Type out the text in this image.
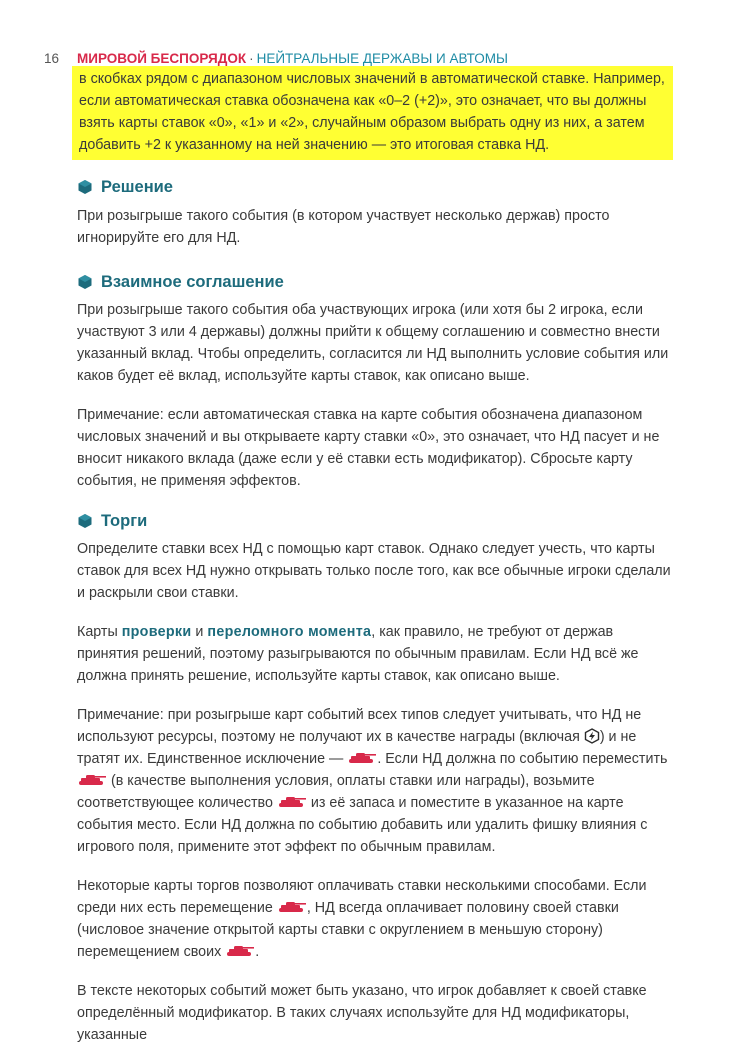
16 МИРОВОЙ БЕСПОРЯДОК · НЕЙТРАЛЬНЫЕ ДЕРЖАВЫ И АВТОМЫ

в скобках рядом с диапазоном числовых значений в автоматической ставке. Например, если автоматическая ставка обозначена как «0–2 (+2)», это означает, что вы должны взять карты ставок «0», «1» и «2», случайным образом выбрать одну из них, а затем добавить +2 к указанному на ней значению — это итоговая ставка НД.

Решение

При розыгрыше такого события (в котором участвует несколько держав) просто игнорируйте его для НД.

Взаимное соглашение

При розыгрыше такого события оба участвующих игрока (или хотя бы 2 игрока, если участвуют 3 или 4 державы) должны прийти к общему соглашению и совместно внести указанный вклад. Чтобы определить, согласится ли НД выполнить условие события или каков будет её вклад, используйте карты ставок, как описано выше.

Примечание: если автоматическая ставка на карте события обозначена диапазоном числовых значений и вы открываете карту ставки «0», это означает, что НД пасует и не вносит никакого вклада (даже если у её ставки есть модификатор). Сбросьте карту события, не применяя эффектов.

Торги

Определите ставки всех НД с помощью карт ставок. Однако следует учесть, что карты ставок для всех НД нужно открывать только после того, как все обычные игроки сделали и раскрыли свои ставки.

Карты проверки и переломного момента, как правило, не требуют от держав принятия решений, поэтому разыгрываются по обычным правилам. Если НД всё же должна принять решение, используйте карты ставок, как описано выше.

Примечание: при розыгрыше карт событий всех типов следует учитывать, что НД не используют ресурсы, поэтому не получают их в качестве награды (включая ) и не тратят их. Единственное исключение — . Если НД должна по событию переместить  (в качестве выполнения условия, оплаты ставки или награды), возьмите соответствующее количество  из её запаса и поместите в указанное на карте события место. Если НД должна по событию добавить или удалить фишку влияния с игрового поля, примените этот эффект по обычным правилам.

Некоторые карты торгов позволяют оплачивать ставки несколькими способами. Если среди них есть перемещение , НД всегда оплачивает половину своей ставки (числовое значение открытой карты ставки с округлением в меньшую сторону) перемещением своих .

В тексте некоторых событий может быть указано, что игрок добавляет к своей ставке определённый модификатор. В таких случаях используйте для НД модификаторы, указанные
